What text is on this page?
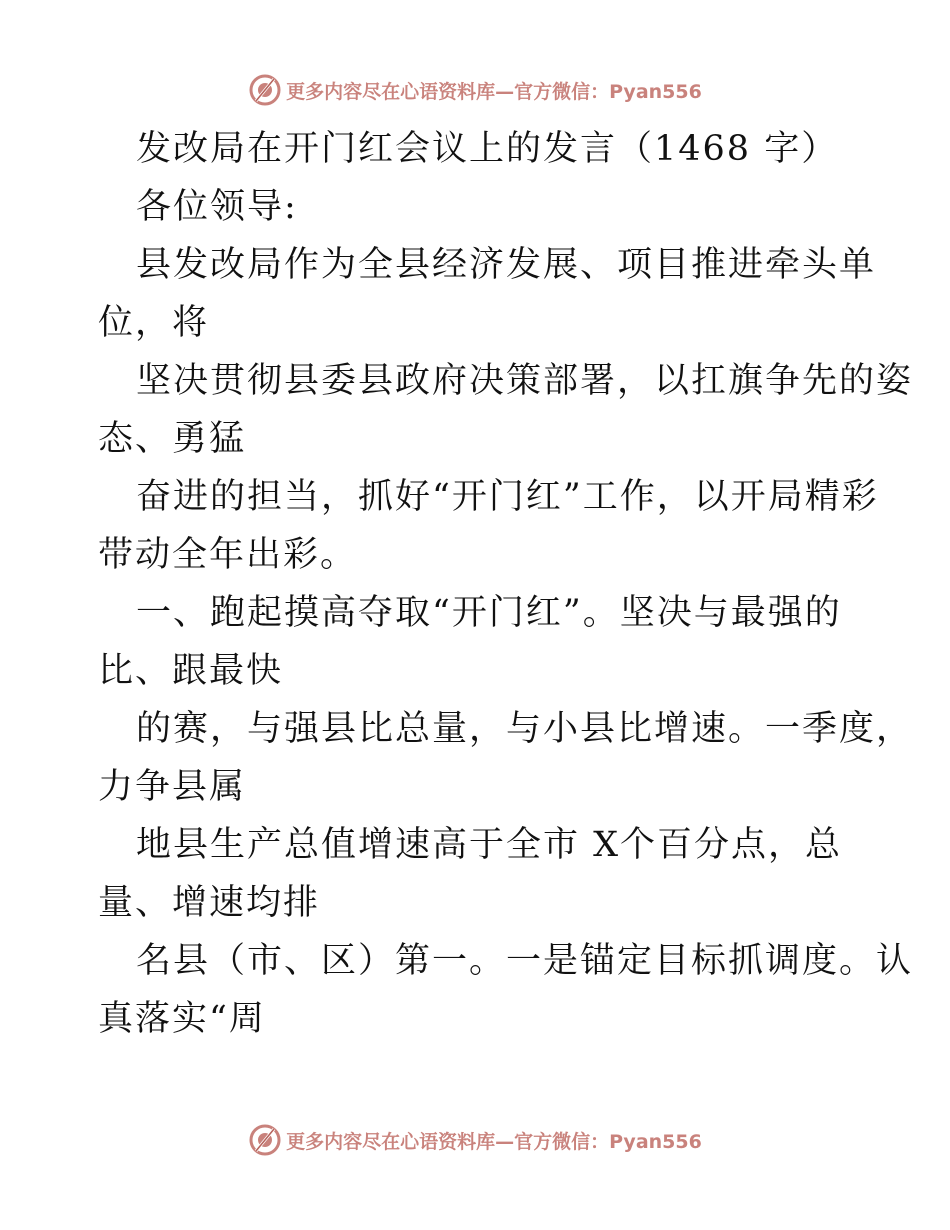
更多内容尽在心语资料库—官方微信：Pyan556
发改局在开门红会议上的发言（1468 字）
各位领导:
县发改局作为全县经济发展、项目推进牵头单
位，将
坚决贯彻县委县政府决策部署，以扛旗争先的姿
态、勇猛
奋进的担当，抓好“开门红”工作，以开局精彩
带动全年出彩。
一、跑起摸高夺取“开门红”。坚决与最强的
比、跟最快
的赛，与强县比总量，与小县比增速。一季度，
力争县属
地县生产总值增速高于全市 X个百分点，总
量、增速均排
名县（市、区）第一。一是锚定目标抓调度。认
真落实“周
更多内容尽在心语资料库—官方微信：Pyan556
